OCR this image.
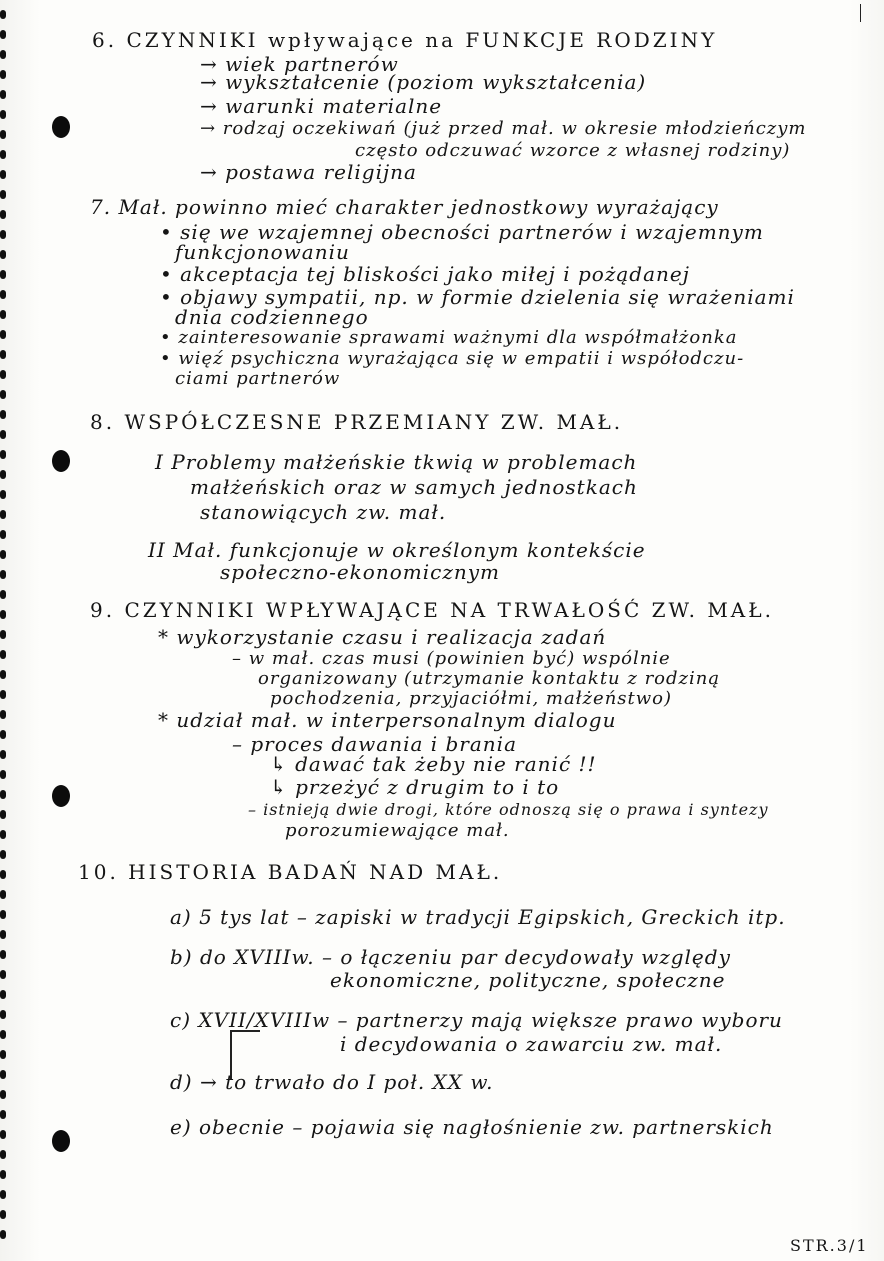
6. CZYNNIKI wpływające na FUNKCJE RODZINY
→ wiek partnerów
→ wykształcenie (poziom wykształcenia)
→ warunki materialne
→ rodzaj oczekiwań (już przed mał. w okresie młodzieńczym
często odczuwać wzorce z własnej rodziny)
→ postawa religijna
7. Mał. powinno mieć charakter jednostkowy wyrażający
• się we wzajemnej obecności partnerów i wzajemnym
funkcjonowaniu
• akceptacja tej bliskości jako miłej i pożądanej
• objawy sympatii, np. w formie dzielenia się wrażeniami
dnia codziennego
• zainteresowanie sprawami ważnymi dla współmałżonka
• więź psychiczna wyrażająca się w empatii i współodczu-
ciami partnerów
8. WSPÓŁCZESNE PRZEMIANY ZW. MAŁ.
I Problemy małżeńskie tkwią w problemach
małżeńskich oraz w samych jednostkach
stanowiących zw. mał.
II Mał. funkcjonuje w określonym kontekście
społeczno-ekonomicznym
9. CZYNNIKI WPŁYWAJĄCE NA TRWAŁOŚĆ ZW. MAŁ.
* wykorzystanie czasu i realizacja zadań
– w mał. czas musi (powinien być) wspólnie
organizowany (utrzymanie kontaktu z rodziną
pochodzenia, przyjaciółmi, małżeństwo)
* udział mał. w interpersonalnym dialogu
– proces dawania i brania
↳ dawać tak żeby nie ranić !!
↳ przeżyć z drugim to i to
– istnieją dwie drogi, które odnoszą się o prawa i syntezy
porozumiewające mał.
10. HISTORIA BADAŃ NAD MAŁ.
a) 5 tys lat – zapiski w tradycji Egipskich, Greckich itp.
b) do XVIIIw. – o łączeniu par decydowały względy
ekonomiczne, polityczne, społeczne
c) XVII/XVIIIw – partnerzy mają większe prawo wyboru
i decydowania o zawarciu zw. mał.
d) → to trwało do I poł. XX w.
e) obecnie – pojawia się nagłośnienie zw. partnerskich
STR.3/1
